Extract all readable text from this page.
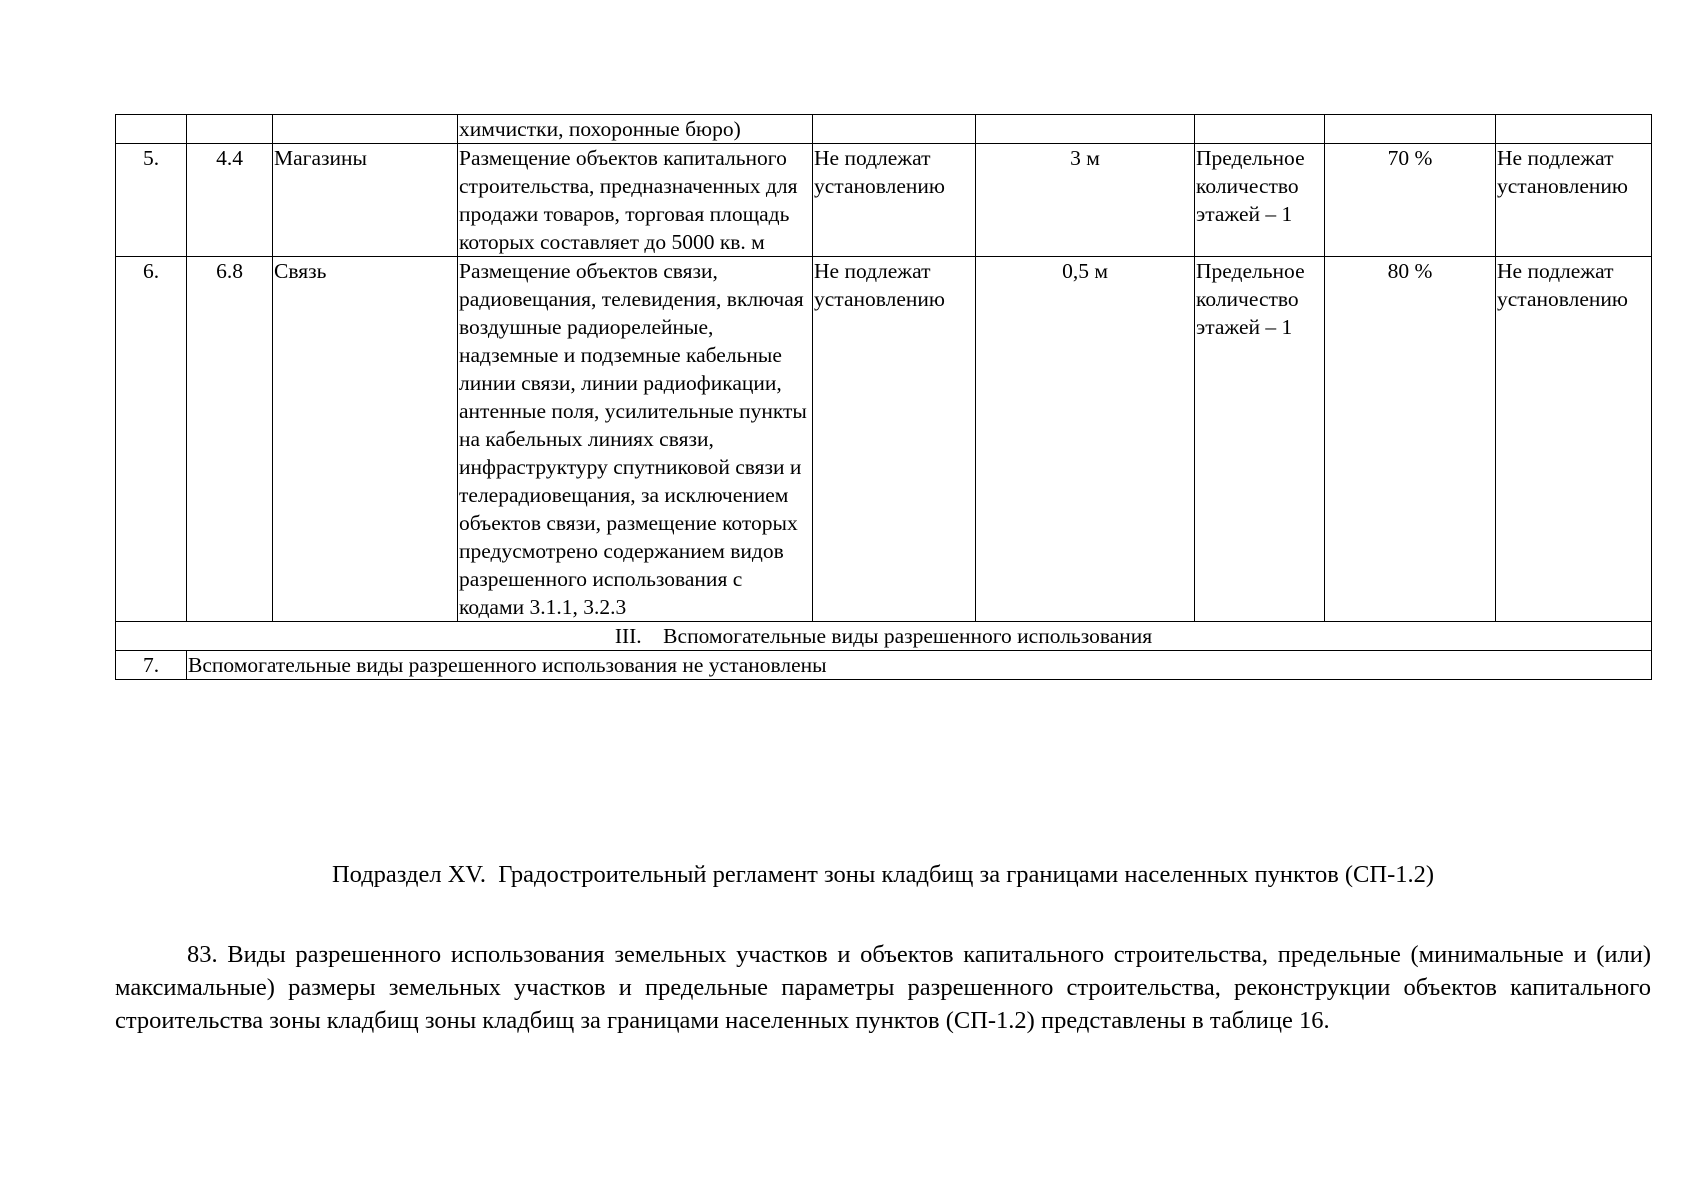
			химчистки, похоронные бюро)					
5.	4.4	Магазины	Размещение объектов капитального строительства, предназначенных для продажи товаров, торговая площадь которых составляет до 5000 кв. м	Не подлежат установлению	3 м	Предельное количество этажей – 1	70 %	Не подлежат установлению
6.	6.8	Связь	Размещение объектов связи, радиовещания, телевидения, включая воздушные радиорелейные, надземные и подземные кабельные линии связи, линии радиофикации, антенные поля, усилительные пункты на кабельных линиях связи, инфраструктуру спутниковой связи и телерадиовещания, за исключением объектов связи, размещение которых предусмотрено содержанием видов разрешенного использования с кодами 3.1.1, 3.2.3	Не подлежат установлению	0,5 м	Предельное количество этажей – 1	80 %	Не подлежат установлению
III.    Вспомогательные виды разрешенного использования								
7.	Вспомогательные виды разрешенного использования не установлены							
Подраздел XV.  Градостроительный регламент зоны кладбищ за границами населенных пунктов (СП-1.2)
83. Виды разрешенного использования земельных участков и объектов капитального строительства, предельные (минимальные и (или) максимальные) размеры земельных участков и предельные параметры разрешенного строительства, реконструкции объектов капитального строительства зоны кладбищ зоны кладбищ за границами населенных пунктов (СП-1.2) представлены в таблице 16.
